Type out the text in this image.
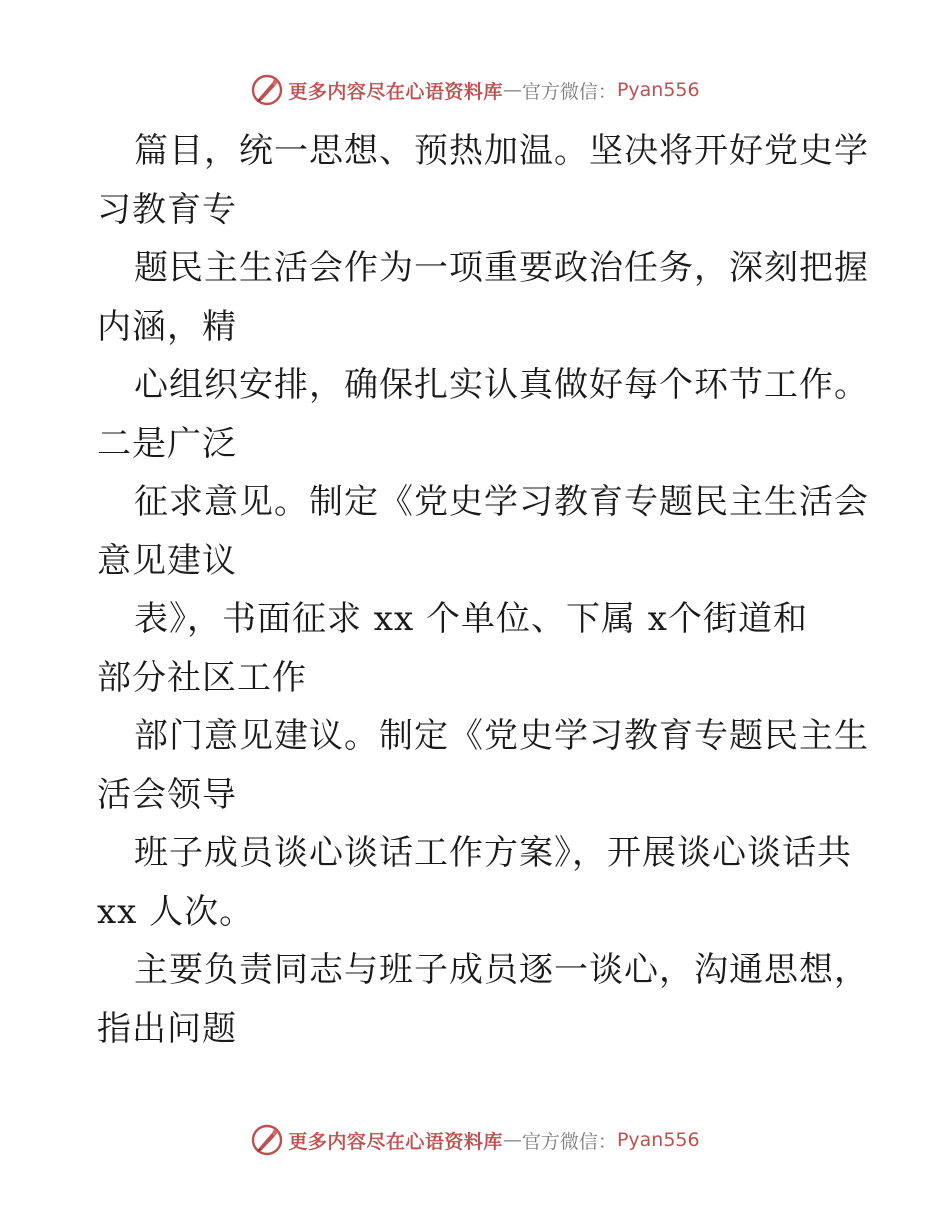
更多内容尽在心语资料库 — 官方微信： Pyan556
篇目，统一思想、预热加温。坚决将开好党史学
习教育专
题民主生活会作为一项重要政治任务，深刻把握
内涵，精
心组织安排，确保扎实认真做好每个环节工作。
二是广泛
征求意见。制定《党史学习教育专题民主生活会
意见建议
表》，书面征求 xx 个单位、下属 x个街道和
部分社区工作
部门意见建议。制定《党史学习教育专题民主生
活会领导
班子成员谈心谈话工作方案》，开展谈心谈话共
xx 人次。
主要负责同志与班子成员逐一谈心，沟通思想，
指出问题
更多内容尽在心语资料库 — 官方微信： Pyan556
